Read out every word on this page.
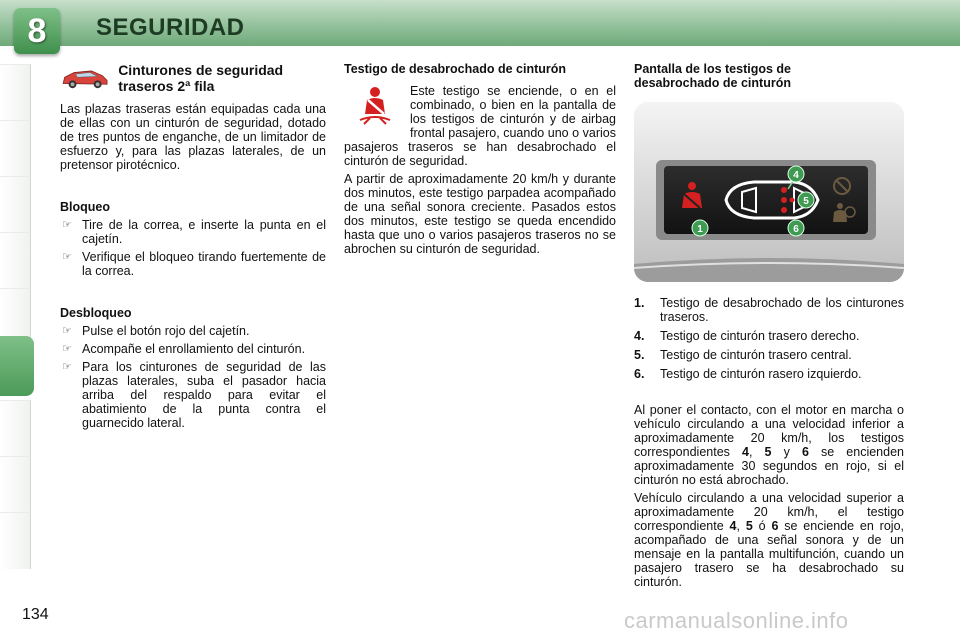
8	SEGURIDAD
Cinturones de seguridad traseros 2ª fila

Las plazas traseras están equipadas cada una de ellas con un cinturón de seguridad, dotado de tres puntos de enganche, de un limitador de esfuerzo y, para las plazas laterales, de un pretensor pirotécnico.

Bloqueo
☞ Tire de la correa, e inserte la punta en el cajetín.
☞ Verifique el bloqueo tirando fuertemente de la correa.
Desbloqueo
☞ Pulse el botón rojo del cajetín.
☞ Acompañe el enrollamiento del cinturón.
☞ Para los cinturones de seguridad de las plazas laterales, suba el pasador hacia arriba del respaldo para evitar el abatimiento de la punta contra el guarnecido lateral.
Testigo de desabrochado de cinturón

Este testigo se enciende, o en el combinado, o bien en la pantalla de los testigos de cinturón y de airbag frontal pasajero, cuando uno o varios pasajeros traseros se han desabrochado el cinturón de seguridad.

A partir de aproximadamente 20 km/h y durante dos minutos, este testigo parpadea acompañado de una señal sonora creciente. Pasados estos dos minutos, este testigo se queda encendido hasta que uno o varios pasajeros traseros no se abrochen su cinturón de seguridad.

Pantalla de los testigos de desabrochado de cinturón
4
5
6
1
1. Testigo de desabrochado de los cinturones traseros.
4. Testigo de cinturón trasero derecho.
5. Testigo de cinturón trasero central.
6. Testigo de cinturón rasero izquierdo.

Al poner el contacto, con el motor en marcha o vehículo circulando a una velocidad inferior a aproximadamente 20 km/h, los testigos correspondientes 4, 5 y 6 se encienden aproximadamente 30 segundos en rojo, si el cinturón no está abrochado.

Vehículo circulando a una velocidad superior a aproximadamente 20 km/h, el testigo correspondiente 4, 5 ó 6 se enciende en rojo, acompañado de una señal sonora y de un mensaje en la pantalla multifunción, cuando un pasajero trasero se ha desabrochado su cinturón.

134	carmanualsonline.info
